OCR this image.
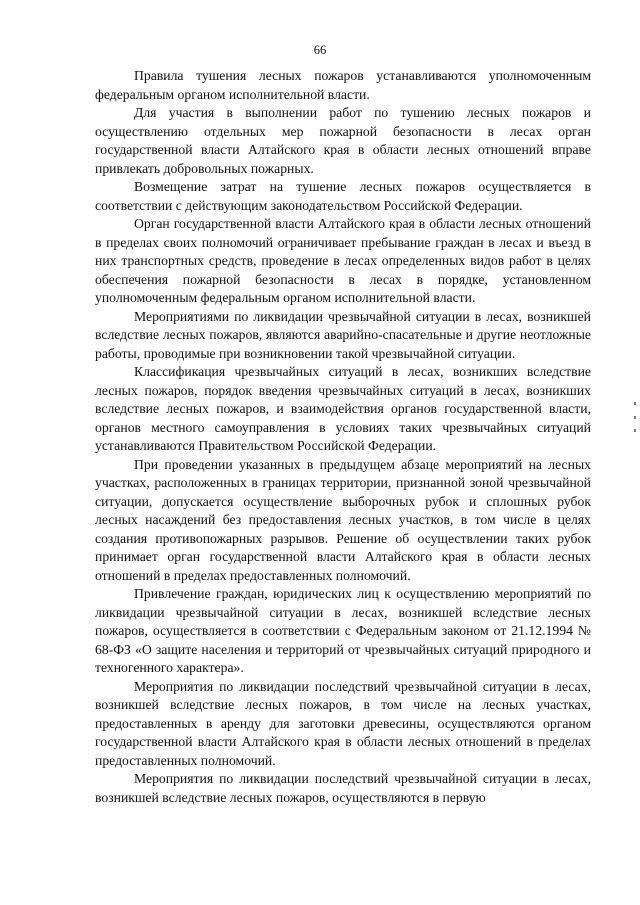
66

Правила тушения лесных пожаров устанавливаются уполномоченным федеральным органом исполнительной власти.

Для участия в выполнении работ по тушению лесных пожаров и осуществлению отдельных мер пожарной безопасности в лесах орган государственной власти Алтайского края в области лесных отношений вправе привлекать добровольных пожарных.

Возмещение затрат на тушение лесных пожаров осуществляется в соответствии с действующим законодательством Российской Федерации.

Орган государственной власти Алтайского края в области лесных отношений в пределах своих полномочий ограничивает пребывание граждан в лесах и въезд в них транспортных средств, проведение в лесах определенных видов работ в целях обеспечения пожарной безопасности в лесах в порядке, установленном уполномоченным федеральным органом исполнительной власти.

Мероприятиями по ликвидации чрезвычайной ситуации в лесах, возникшей вследствие лесных пожаров, являются аварийно-спасательные и другие неотложные работы, проводимые при возникновении такой чрезвычайной ситуации.

Классификация чрезвычайных ситуаций в лесах, возникших вследствие лесных пожаров, порядок введения чрезвычайных ситуаций в лесах, возникших вследствие лесных пожаров, и взаимодействия органов государственной власти, органов местного самоуправления в условиях таких чрезвычайных ситуаций устанавливаются Правительством Российской Федерации.

При проведении указанных в предыдущем абзаце мероприятий на лесных участках, расположенных в границах территории, признанной зоной чрезвычайной ситуации, допускается осуществление выборочных рубок и сплошных рубок лесных насаждений без предоставления лесных участков, в том числе в целях создания противопожарных разрывов. Решение об осуществлении таких рубок принимает орган государственной власти Алтайского края в области лесных отношений в пределах предоставленных полномочий.

Привлечение граждан, юридических лиц к осуществлению мероприятий по ликвидации чрезвычайной ситуации в лесах, возникшей вследствие лесных пожаров, осуществляется в соответствии с Федеральным законом от 21.12.1994 № 68-ФЗ «О защите населения и территорий от чрезвычайных ситуаций природного и техногенного характера».

Мероприятия по ликвидации последствий чрезвычайной ситуации в лесах, возникшей вследствие лесных пожаров, в том числе на лесных участках, предоставленных в аренду для заготовки древесины, осуществляются органом государственной власти Алтайского края в области лесных отношений в пределах предоставленных полномочий.

Мероприятия по ликвидации последствий чрезвычайной ситуации в лесах, возникшей вследствие лесных пожаров, осуществляются в первую
